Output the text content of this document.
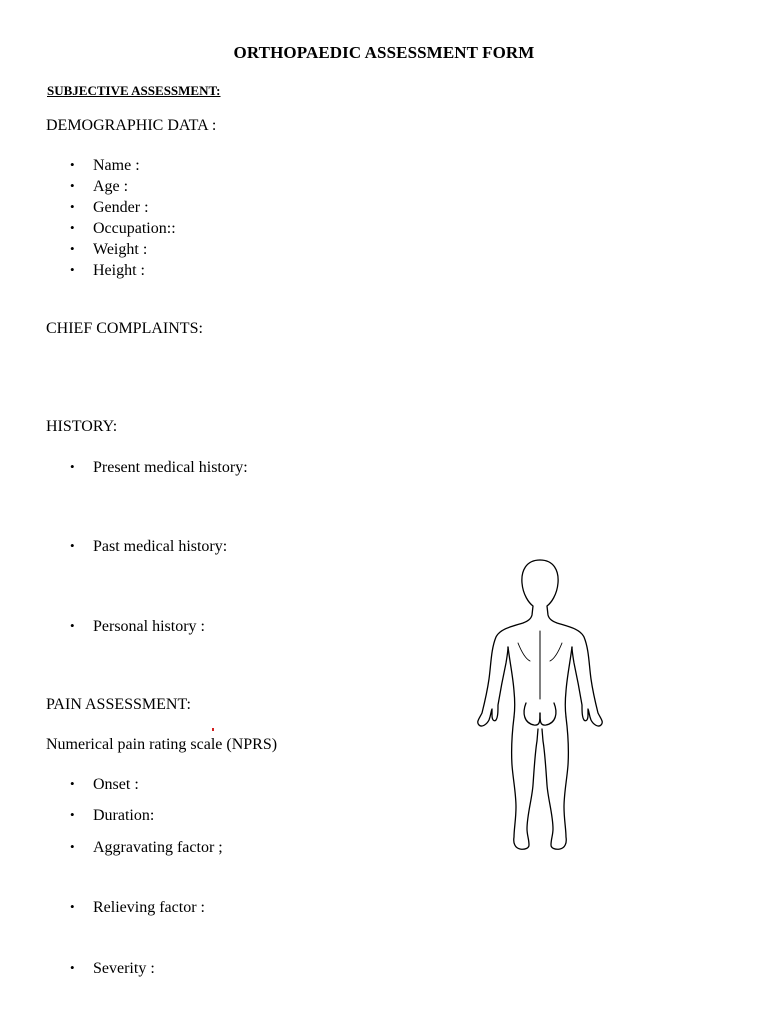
ORTHOPAEDIC ASSESSMENT FORM
SUBJECTIVE ASSESSMENT:
DEMOGRAPHIC DATA :
• Name :
• Age :
• Gender :
• Occupation::
• Weight :
• Height :
CHIEF COMPLAINTS:
HISTORY:
• Present medical history:
• Past medical history:
• Personal history :
PAIN ASSESSMENT:
Numerical pain rating scale (NPRS)
• Onset :
• Duration:
• Aggravating factor ;
• Relieving factor :
• Severity :
